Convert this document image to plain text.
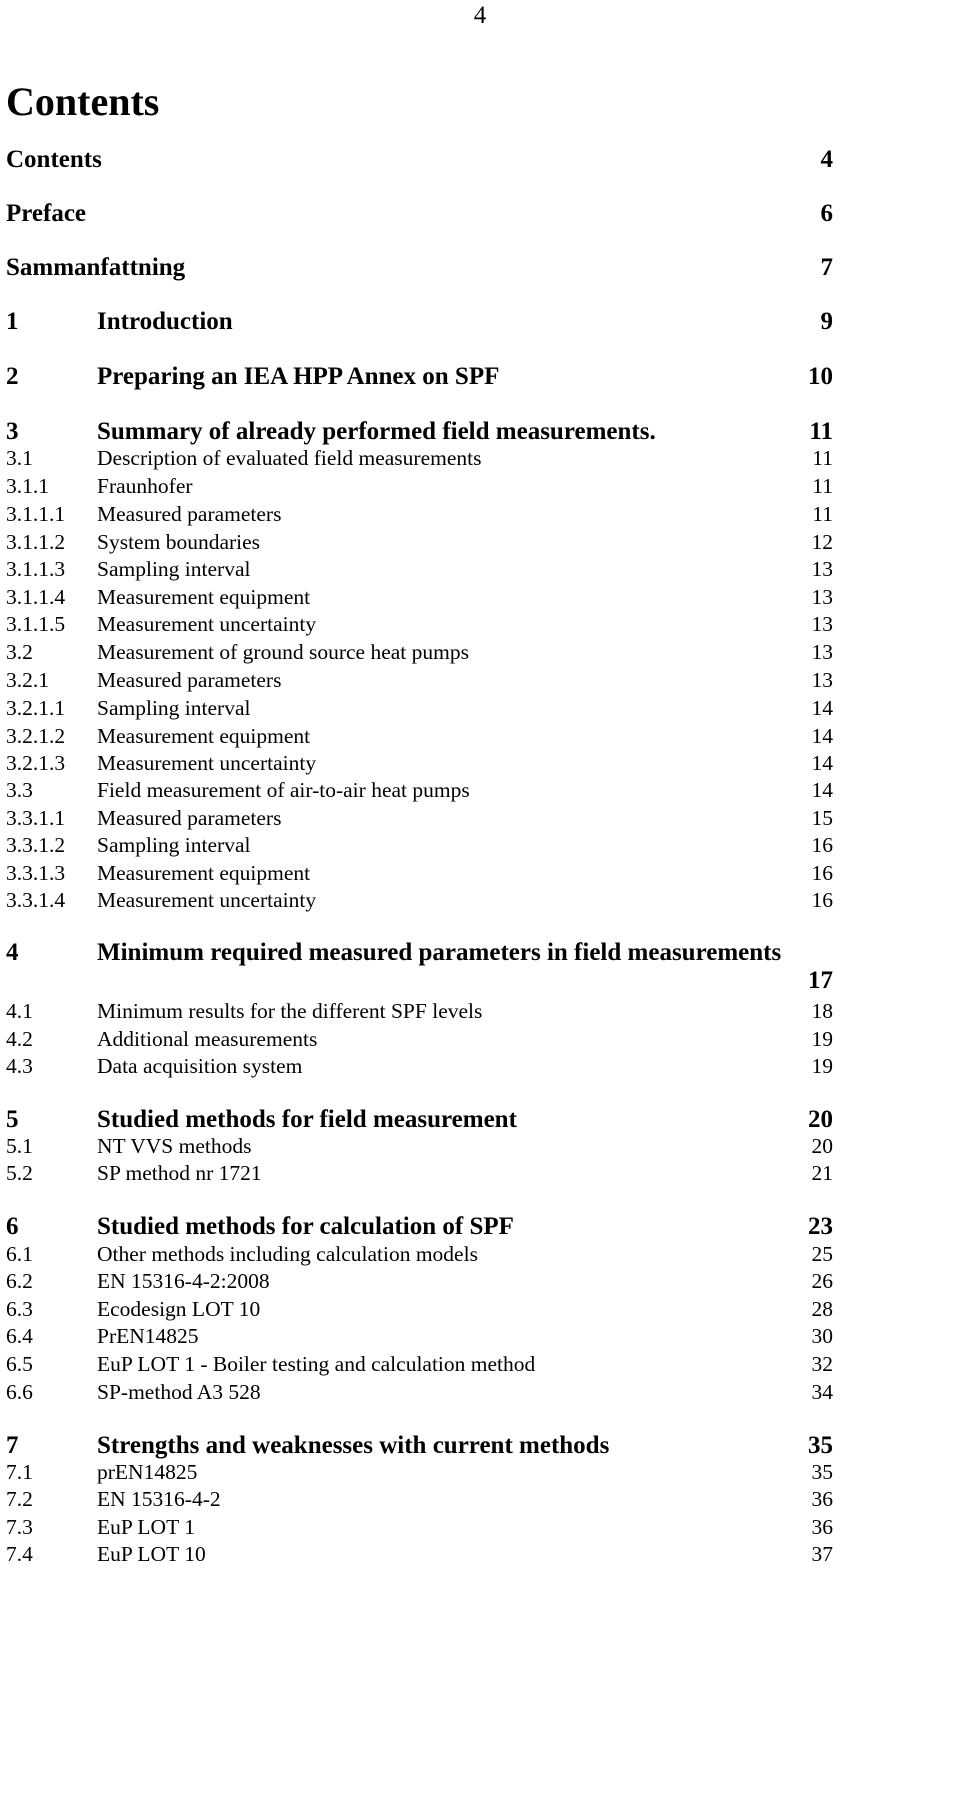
4
Contents
Contents	4
Preface	6
Sammanfattning	7
1	Introduction	9
2	Preparing an IEA HPP Annex on SPF	10
3	Summary of already performed field measurements.	11
3.1	Description of evaluated field measurements	11
3.1.1 Fraunhofer	11
3.1.1.1 Measured parameters	11
3.1.1.2 System boundaries	12
3.1.1.3 Sampling interval	13
3.1.1.4 Measurement equipment	13
3.1.1.5 Measurement uncertainty	13
3.2	Measurement of ground source heat pumps	13
3.2.1 Measured parameters	13
3.2.1.1 Sampling interval	14
3.2.1.2 Measurement equipment	14
3.2.1.3 Measurement uncertainty	14
3.3	Field measurement of air-to-air heat pumps	14
3.3.1.1 Measured parameters	15
3.3.1.2 Sampling interval	16
3.3.1.3 Measurement equipment	16
3.3.1.4 Measurement uncertainty	16
4	Minimum required measured parameters in field measurements
17
4.1	Minimum results for the different SPF levels	18
4.2	Additional measurements	19
4.3	Data acquisition system	19
5	Studied methods for field measurement	20
5.1	NT VVS methods	20
5.2	SP method nr 1721	21
6	Studied methods for calculation of SPF	23
6.1	Other methods including calculation models	25
6.2	EN 15316-4-2:2008	26
6.3	Ecodesign LOT 10	28
6.4	PrEN14825	30
6.5	EuP LOT 1 - Boiler testing and calculation method	32
6.6	SP-method A3 528	34
7	Strengths and weaknesses with current methods	35
7.1	prEN14825	35
7.2	EN 15316-4-2	36
7.3	EuP LOT 1	36
7.4	EuP LOT 10	37
